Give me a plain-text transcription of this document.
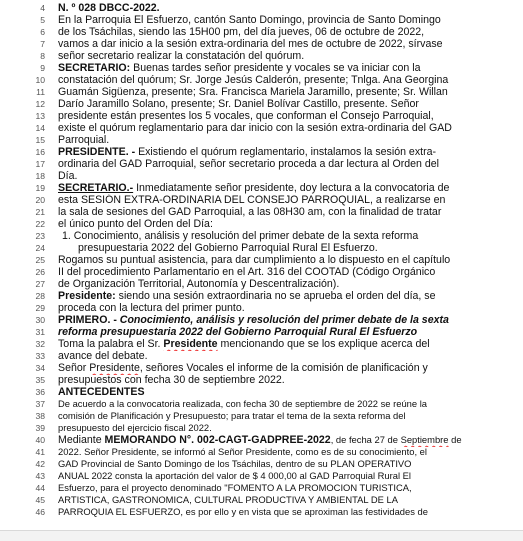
4 N. º 028 DBCC-2022.
5 En la Parroquia El Esfuerzo, cantón Santo Domingo, provincia de Santo Domingo
6 de los Tsáchilas, siendo las 15H00 pm, del día jueves, 06 de octubre de 2022,
7 vamos a dar inicio a la sesión extra-ordinaria del mes de octubre de 2022, sírvase
8 señor secretario realizar la constatación del quórum.
9 SECRETARIO: Buenas tardes señor presidente y vocales se va iniciar con la
10 constatación del quórum; Sr. Jorge Jesús Calderón, presente; Tnlga. Ana Georgina
11 Guamán Sigüenza, presente; Sra. Francisca Mariela Jaramillo, presente; Sr. Willan
12 Darío Jaramillo Solano, presente; Sr. Daniel Bolívar Castillo, presente. Señor
13 presidente están presentes los 5 vocales, que conforman el Consejo Parroquial,
14 existe el quórum reglamentario para dar inicio con la sesión extra-ordinaria del GAD
15 Parroquial.
16 PRESIDENTE. - Existiendo el quórum reglamentario, instalamos la sesión extra-
17 ordinaria del GAD Parroquial, señor secretario proceda a dar lectura al Orden del
18 Día.
19 SECRETARIO.- Inmediatamente señor presidente, doy lectura a la convocatoria de
20 esta SESIÓN EXTRA-ORDINARIA DEL CONSEJO PARROQUIAL, a realizarse en
21 la sala de sesiones del GAD Parroquial, a las 08H30 am, con la finalidad de tratar
22 el único punto del Orden del Día:
23 1. Conocimiento, análisis y resolución del primer debate de la sexta reforma
24	presupuestaria 2022 del Gobierno Parroquial Rural El Esfuerzo.
25 Rogamos su puntual asistencia, para dar cumplimiento a lo dispuesto en el capítulo
26 II del procedimiento Parlamentario en el Art. 316 del COOTAD (Código Orgánico
27 de Organización Territorial, Autonomía y Descentralización).
28 Presidente: siendo una sesión extraordinaria no se aprueba el orden del día, se
29 proceda con la lectura del primer punto.
30 PRIMERO. - Conocimiento, análisis y resolución del primer debate de la sexta
31 reforma presupuestaria 2022 del Gobierno Parroquial Rural El Esfuerzo
32 Toma la palabra el Sr. Presidente mencionando que se los explique acerca del
33 avance del debate.
34 Señor Presidente, señores Vocales el informe de la comisión de planificación y
35 presupuestos con fecha 30 de septiembre 2022.
36 ANTECEDENTES
37 De acuerdo a la convocatoria realizada, con fecha 30 de septiembre de 2022 se reúne la
38 comisión de Planificación y Presupuesto; para tratar el tema de la sexta reforma del
39 presupuesto del ejercicio fiscal 2022.
40 Mediante MEMORANDO N°. 002-CAGT-GADPREE-2022, de fecha 27 de Septiembre de
41 2022. Señor Presidente, se informó al Señor Presidente, como es de su conocimiento, el
42 GAD Provincial de Santo Domingo de los Tsáchilas, dentro de su PLAN OPERATIVO
43 ANUAL 2022 consta la aportación del valor de $ 4 000,00 al GAD Parroquial Rural El
44 Esfuerzo, para el proyecto denominado "FOMENTO A LA PROMOCION TURISTICA,
45 ARTISTICA, GASTRONOMICA, CULTURAL PRODUCTIVA Y AMBIENTAL DE LA
46 PARROQUIA EL ESFUERZO, es por ello y en vista que se aproximan las festividades de
